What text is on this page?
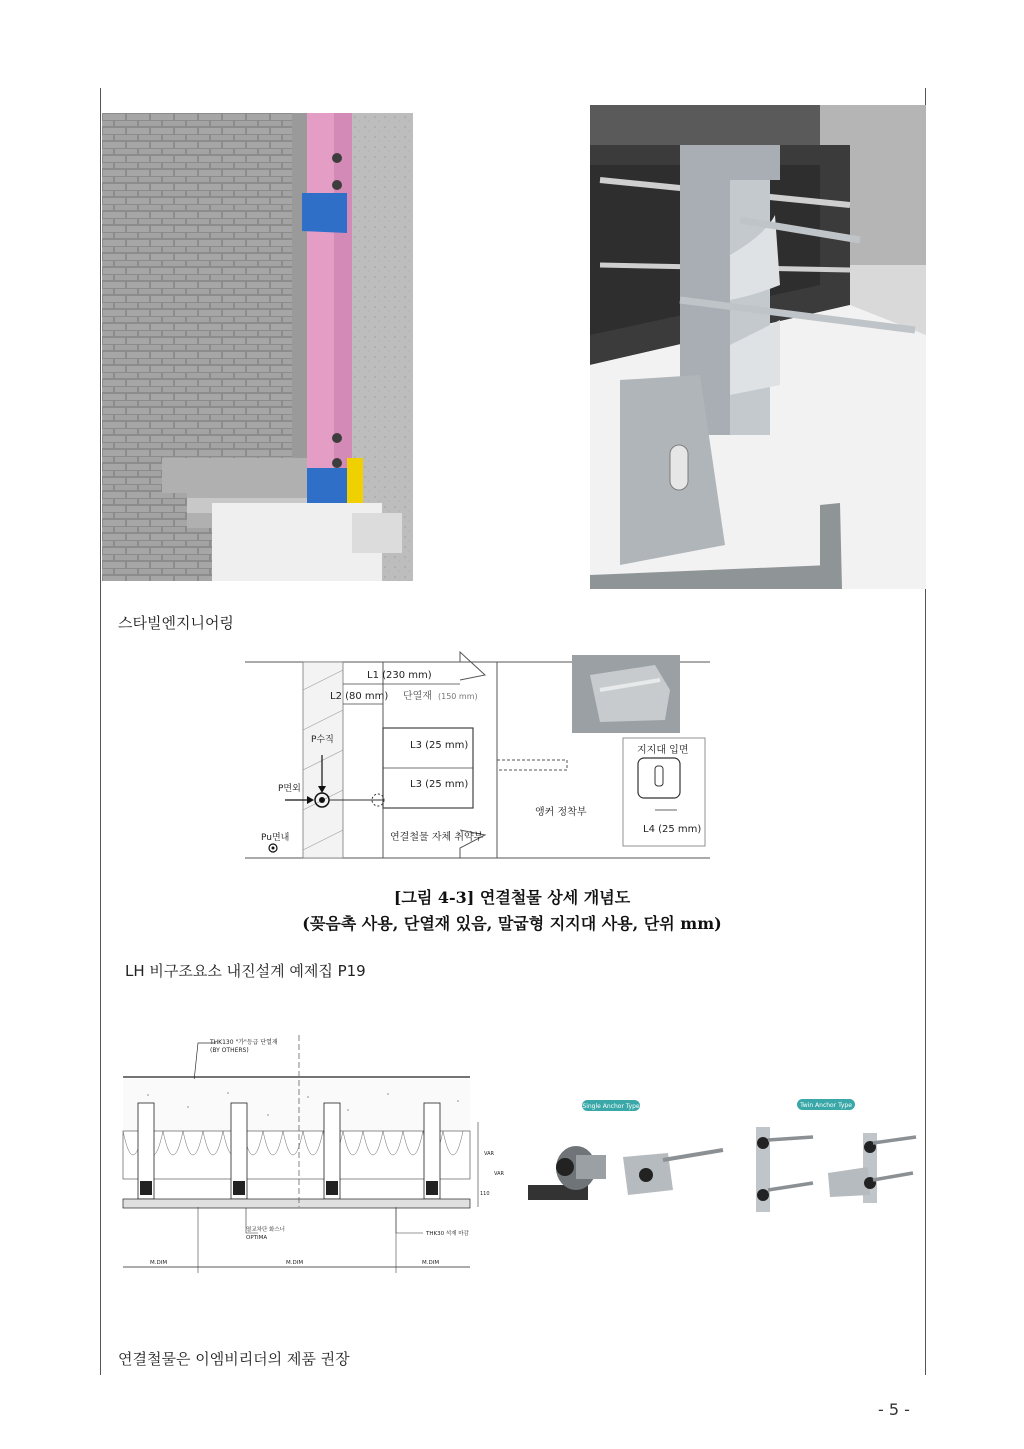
스타빌엔지니어링
L1 (230 mm)
L2 (80 mm) 단열재 (150 mm)
L3 (25 mm)
L3 (25 mm)
앵커 정착부
P수직
P면외
Pu면내	연결철물 자체 취약부
지지대 입면
L4 (25 mm)
[그림 4-3] 연결철물 상세 개념도
(꽂음촉 사용, 단열재 있음, 말굽형 지지대 사용, 단위 mm)
LH 비구조요소 내진설계 예제집 P19
THK130 "가"등급 단열재
(BY OTHERS)
VAR
VAR
110
열교차단 화스너
OPTIMA
THK30 석재 마감
M.DIM	M.DIM	M.DIM
Single Anchor Type	Twin Anchor Type
연결철물은 이엠비리더의 제품 권장
- 5 -
